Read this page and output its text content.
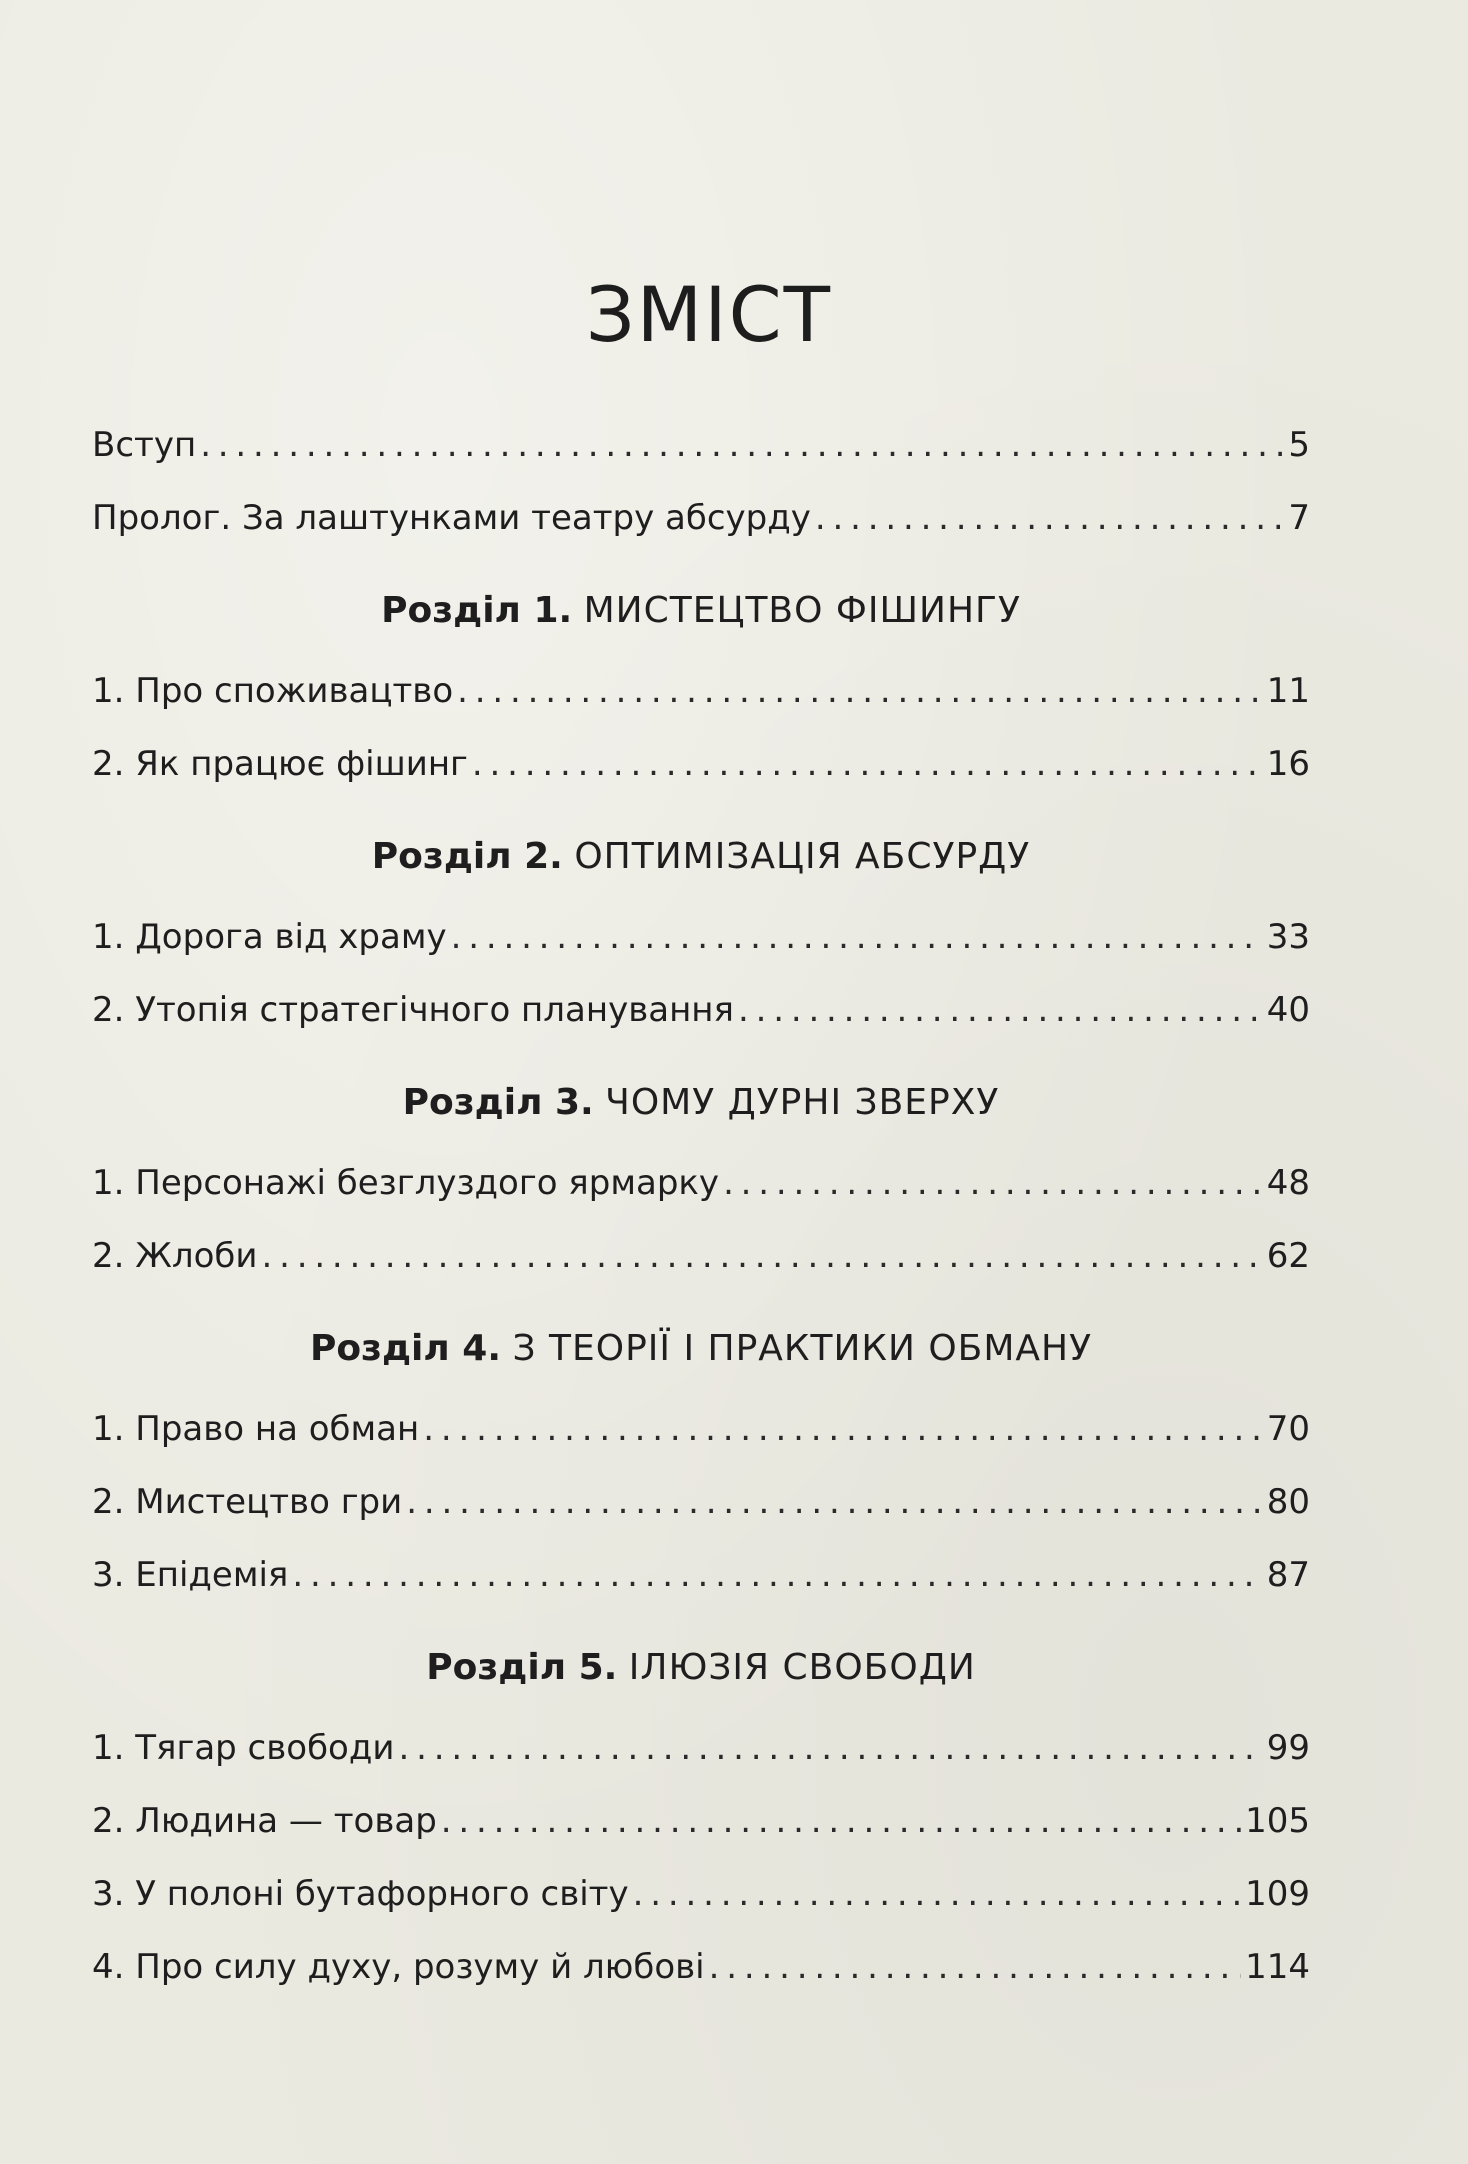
ЗМІСТ
Вступ . . .	5
Пролог. За лаштунками театру абсурду . . .	7
Розділ 1. МИСТЕЦТВО ФІШИНГУ
1. Про споживацтво . . .	11
2. Як працює фішинг . . .	16
Розділ 2. ОПТИМІЗАЦІЯ АБСУРДУ
1. Дорога від храму . . .	33
2. Утопія стратегічного планування . . .	40
Розділ 3. ЧОМУ ДУРНІ ЗВЕРХУ
1. Персонажі безглуздого ярмарку . . .	48
2. Жлоби . . .	62
Розділ 4. З ТЕОРІЇ І ПРАКТИКИ ОБМАНУ
1. Право на обман . . .	70
2. Мистецтво гри . . .	80
3. Епідемія . . .	87
Розділ 5. ІЛЮЗІЯ СВОБОДИ
1. Тягар свободи . . .	99
2. Людина — товар . . .	105
3. У полоні бутафорного світу . . .	109
4. Про силу духу, розуму й любові . . .	114
